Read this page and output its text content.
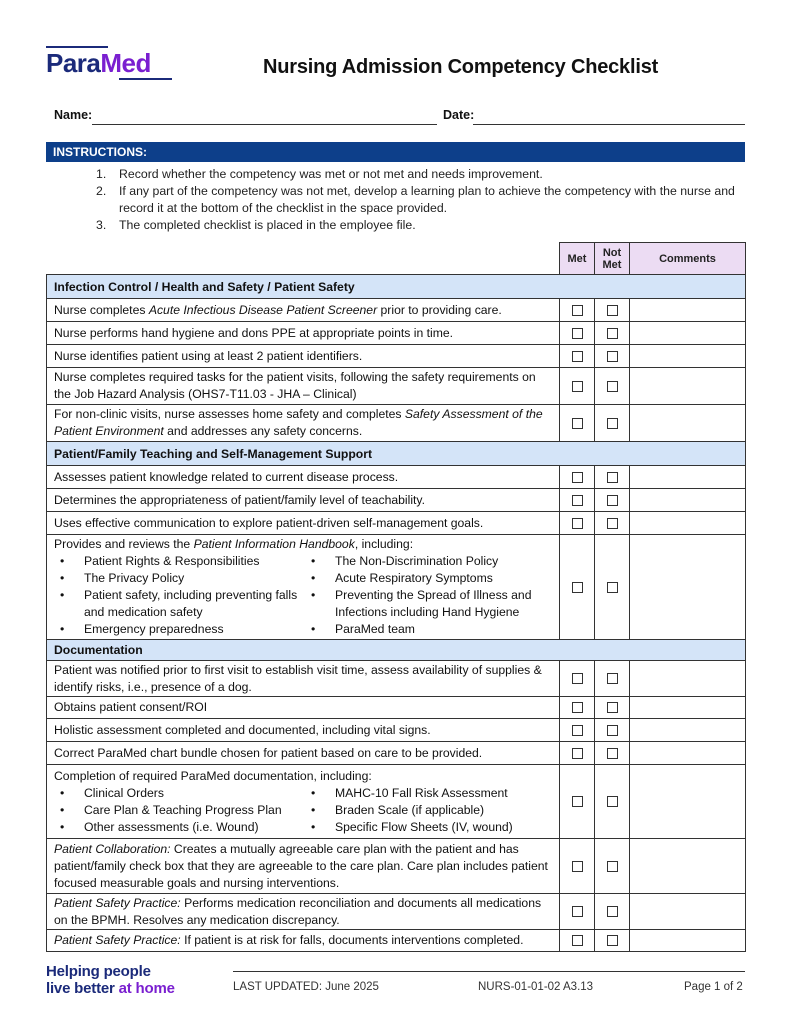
ParaMed	Nursing Admission Competency Checklist
Name:	Date:
INSTRUCTIONS:
1. Record whether the competency was met or not met and needs improvement.
2. If any part of the competency was not met, develop a learning plan to achieve the competency with the nurse and record it at the bottom of the checklist in the space provided.
3. The completed checklist is placed in the employee file.
Met Not Met	Comments
Infection Control / Health and Safety / Patient Safety
Nurse completes Acute Infectious Disease Patient Screener prior to providing care.
Nurse performs hand hygiene and dons PPE at appropriate points in time.
Nurse identifies patient using at least 2 patient identifiers.
Nurse completes required tasks for the patient visits, following the safety requirements on the Job Hazard Analysis (OHS7-T11.03 - JHA – Clinical)
For non-clinic visits, nurse assesses home safety and completes Safety Assessment of the Patient Environment and addresses any safety concerns.
Patient/Family Teaching and Self-Management Support
Assesses patient knowledge related to current disease process.
Determines the appropriateness of patient/family level of teachability.
Uses effective communication to explore patient-driven self-management goals.
Provides and reviews the Patient Information Handbook, including:
• Patient Rights & Responsibilities	• The Non-Discrimination Policy
• The Privacy Policy	• Acute Respiratory Symptoms
• Patient safety, including preventing falls and medication safety
• Preventing the Spread of Illness and Infections including Hand Hygiene
• Emergency preparedness	• ParaMed team
Documentation
Patient was notified prior to first visit to establish visit time, assess availability of supplies & identify risks, i.e., presence of a dog.
Obtains patient consent/ROI
Holistic assessment completed and documented, including vital signs.
Correct ParaMed chart bundle chosen for patient based on care to be provided.
Completion of required ParaMed documentation, including:
• Clinical Orders	• MAHC-10 Fall Risk Assessment
• Care Plan & Teaching Progress Plan	• Braden Scale (if applicable)
• Other assessments (i.e. Wound)	• Specific Flow Sheets (IV, wound)
Patient Collaboration: Creates a mutually agreeable care plan with the patient and has patient/family check box that they are agreeable to the care plan. Care plan includes patient focused measurable goals and nursing interventions.
Patient Safety Practice: Performs medication reconciliation and documents all medications on the BPMH. Resolves any medication discrepancy.
Patient Safety Practice: If patient is at risk for falls, documents interventions completed.
Helping people
live better at home	LAST UPDATED: June 2025	NURS-01-01-02 A3.13	Page 1 of 2
